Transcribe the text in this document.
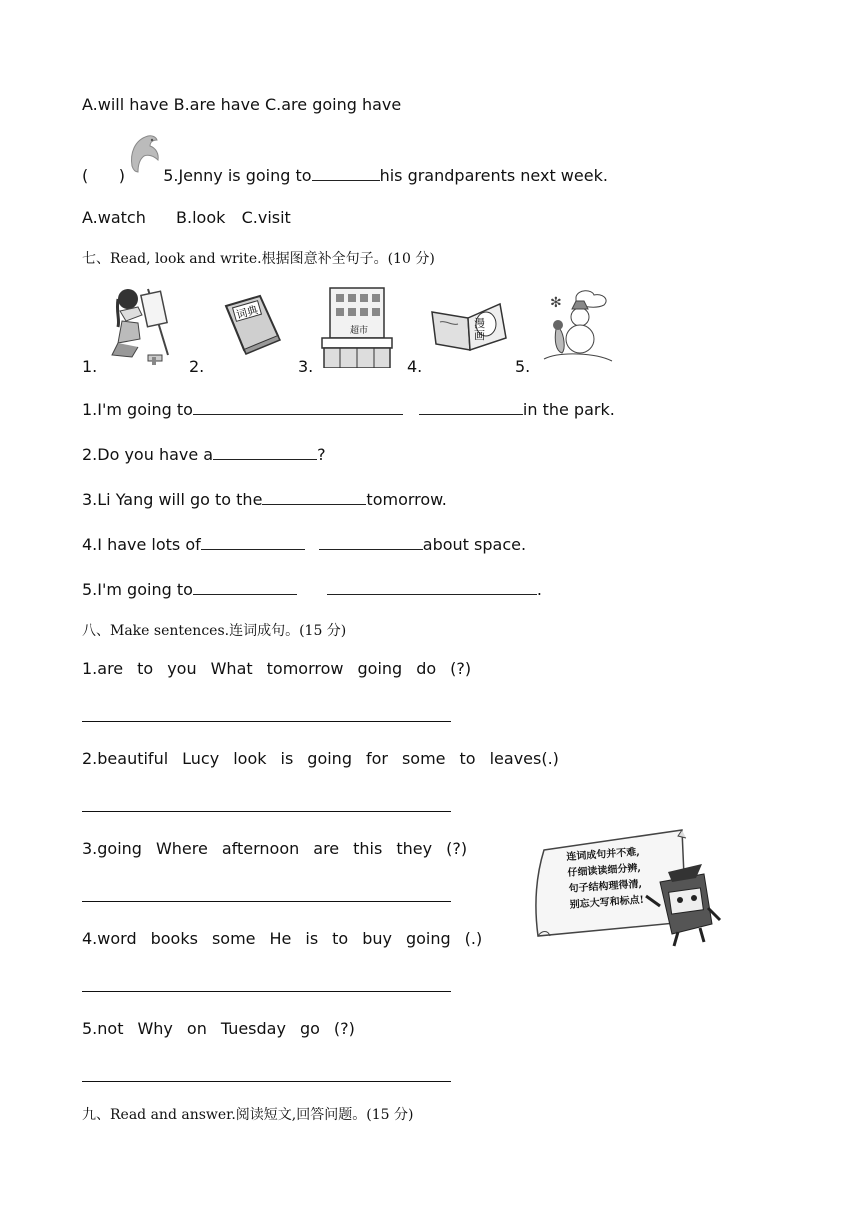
A.will have B.are have C.are going have
(      ) 5.Jenny is going to	his grandparents next week.
A.watch B.look C.visit
七、Read, look and write.根据图意补全句子。(10 分)
1.
词典
2.
超市
3.
漫画
4.
✻
5.
1.I'm going to	in the park.
2.Do you have a	?
3.Li Yang will go to the	tomorrow.
4.I have lots of	about space.
5.I'm going to	.
八、Make sentences.连词成句。(15 分)
1.are to you What tomorrow going do (?)
2.beautiful Lucy look is going for some to leaves(.)
3.going Where afternoon are this they (?)
4.word books some He is to buy going (.)
5.not Why on Tuesday go (?)
连词成句并不难,
仔细读读细分辨,
句子结构理得清,
别忘大写和标点!
九、Read and answer.阅读短文,回答问题。(15 分)
